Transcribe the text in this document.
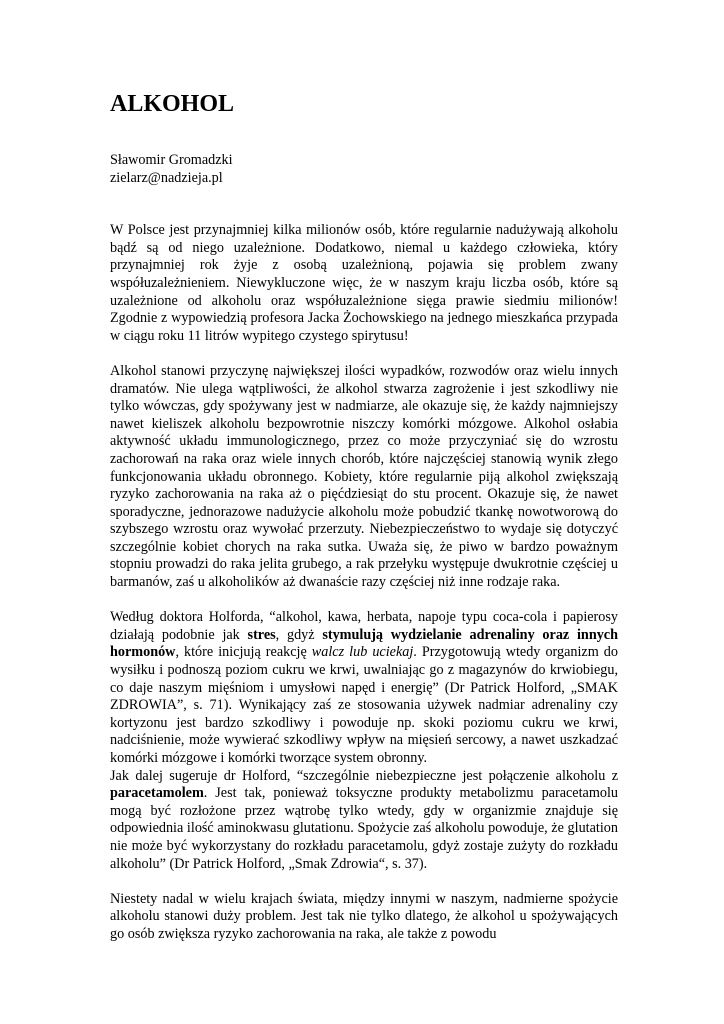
ALKOHOL
Sławomir Gromadzki
zielarz@nadzieja.pl

W Polsce jest przynajmniej kilka milionów osób, które regularnie nadużywają alkoholu bądź są od niego uzależnione. Dodatkowo, niemal u każdego człowieka, który przynajmniej rok żyje z osobą uzależnioną, pojawia się problem zwany współuzależnieniem. Niewykluczone więc, że w naszym kraju liczba osób, które są uzależnione od alkoholu oraz współuzależnione sięga prawie siedmiu milionów! Zgodnie z wypowiedzią profesora Jacka Żochowskiego na jednego mieszkańca przypada w ciągu roku 11 litrów wypitego czystego spirytusu!

Alkohol stanowi przyczynę największej ilości wypadków, rozwodów oraz wielu innych dramatów. Nie ulega wątpliwości, że alkohol stwarza zagrożenie i jest szkodliwy nie tylko wówczas, gdy spożywany jest w nadmiarze, ale okazuje się, że każdy najmniejszy nawet kieliszek alkoholu bezpowrotnie niszczy komórki mózgowe. Alkohol osłabia aktywność układu immunologicznego, przez co może przyczyniać się do wzrostu zachorowań na raka oraz wiele innych chorób, które najczęściej stanowią wynik złego funkcjonowania układu obronnego. Kobiety, które regularnie piją alkohol zwiększają ryzyko zachorowania na raka aż o pięćdziesiąt do stu procent. Okazuje się, że nawet sporadyczne, jednorazowe nadużycie alkoholu może pobudzić tkankę nowotworową do szybszego wzrostu oraz wywołać przerzuty. Niebezpieczeństwo to wydaje się dotyczyć szczególnie kobiet chorych na raka sutka. Uważa się, że piwo w bardzo poważnym stopniu prowadzi do raka jelita grubego, a rak przełyku występuje dwukrotnie częściej u barmanów, zaś u alkoholików aż dwanaście razy częściej niż inne rodzaje raka.

Według doktora Holforda, “alkohol, kawa, herbata, napoje typu coca-cola i papierosy działają podobnie jak stres, gdyż stymulują wydzielanie adrenaliny oraz innych hormonów, które inicjują reakcję walcz lub uciekaj. Przygotowują wtedy organizm do wysiłku i podnoszą poziom cukru we krwi, uwalniając go z magazynów do krwiobiegu, co daje naszym mięśniom i umysłowi napęd i energię” (Dr Patrick Holford, „SMAK ZDROWIA”, s. 71). Wynikający zaś ze stosowania używek nadmiar adrenaliny czy kortyzonu jest bardzo szkodliwy i powoduje np. skoki poziomu cukru we krwi, nadciśnienie, może wywierać szkodliwy wpływ na mięsień sercowy, a nawet uszkadzać komórki mózgowe i komórki tworzące system obronny.

Jak dalej sugeruje dr Holford, “szczególnie niebezpieczne jest połączenie alkoholu z paracetamolem. Jest tak, ponieważ toksyczne produkty metabolizmu paracetamolu mogą być rozłożone przez wątrobę tylko wtedy, gdy w organizmie znajduje się odpowiednia ilość aminokwasu glutationu. Spożycie zaś alkoholu powoduje, że glutation nie może być wykorzystany do rozkładu paracetamolu, gdyż zostaje zużyty do rozkładu alkoholu” (Dr Patrick Holford, „Smak Zdrowia“, s. 37).

Niestety nadal w wielu krajach świata, między innymi w naszym, nadmierne spożycie alkoholu stanowi duży problem. Jest tak nie tylko dlatego, że alkohol u spożywających go osób zwiększa ryzyko zachorowania na raka, ale także z powodu
